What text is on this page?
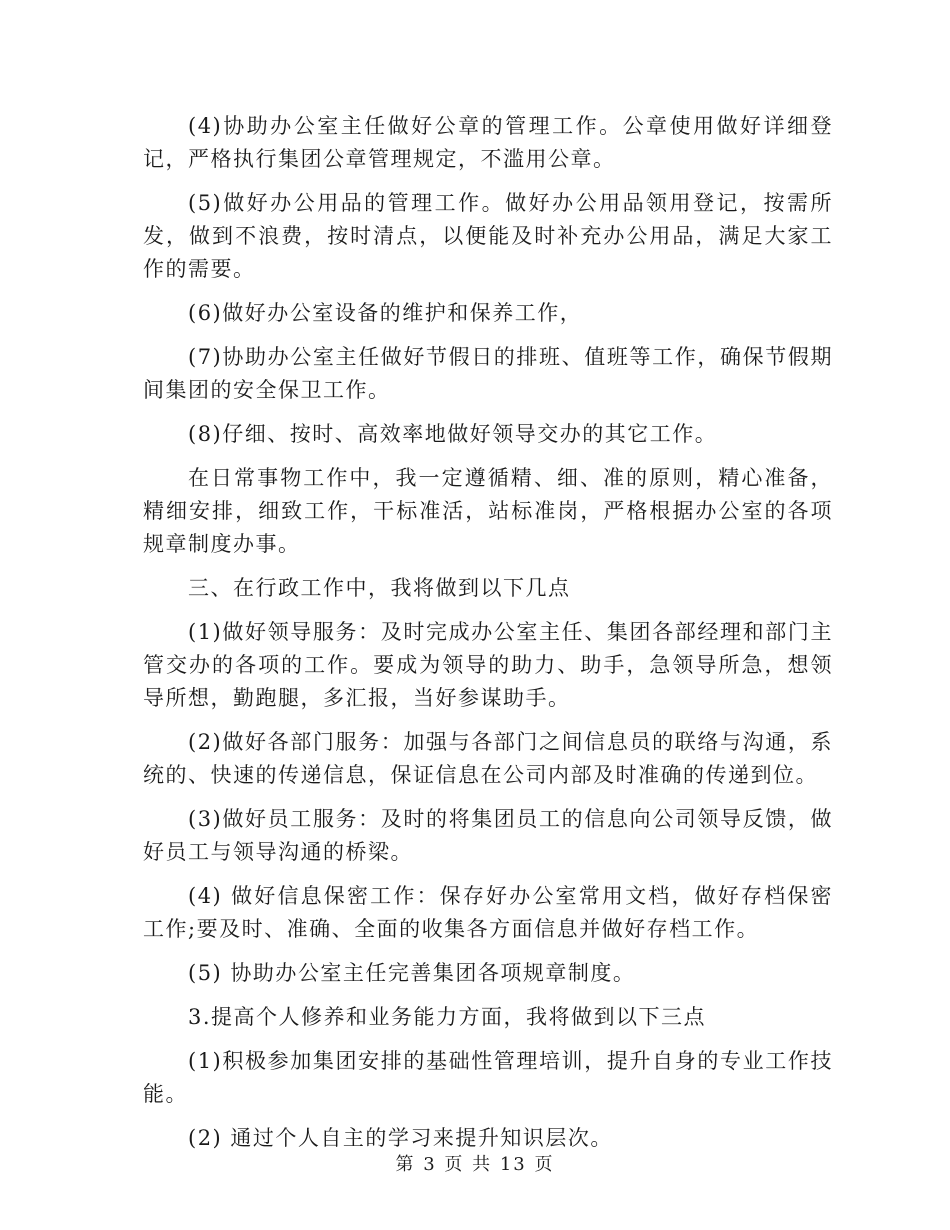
(4)协助办公室主任做好公章的管理工作。公章使用做好详细登记，严格执行集团公章管理规定，不滥用公章。

(5)做好办公用品的管理工作。做好办公用品领用登记，按需所发，做到不浪费，按时清点，以便能及时补充办公用品，满足大家工作的需要。

(6)做好办公室设备的维护和保养工作，

(7)协助办公室主任做好节假日的排班、值班等工作，确保节假期间集团的安全保卫工作。

(8)仔细、按时、高效率地做好领导交办的其它工作。

在日常事物工作中，我一定遵循精、细、准的原则，精心准备，精细安排，细致工作，干标准活，站标准岗，严格根据办公室的各项规章制度办事。

三、在行政工作中，我将做到以下几点

(1)做好领导服务：及时完成办公室主任、集团各部经理和部门主管交办的各项的工作。要成为领导的助力、助手，急领导所急，想领导所想，勤跑腿，多汇报，当好参谋助手。

(2)做好各部门服务：加强与各部门之间信息员的联络与沟通，系统的、快速的传递信息，保证信息在公司内部及时准确的传递到位。

(3)做好员工服务：及时的将集团员工的信息向公司领导反馈，做好员工与领导沟通的桥梁。

(4) 做好信息保密工作：保存好办公室常用文档，做好存档保密工作;要及时、准确、全面的收集各方面信息并做好存档工作。

(5) 协助办公室主任完善集团各项规章制度。

3.提高个人修养和业务能力方面，我将做到以下三点

(1)积极参加集团安排的基础性管理培训，提升自身的专业工作技能。

(2) 通过个人自主的学习来提升知识层次。

第 3 页 共 13 页
